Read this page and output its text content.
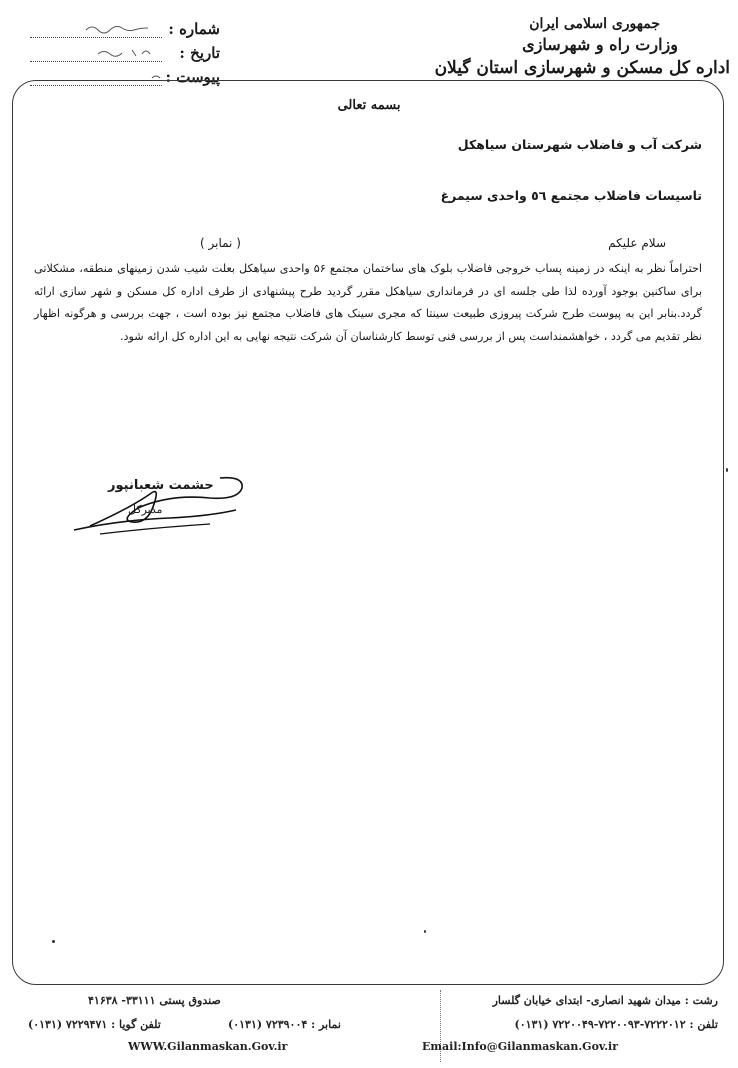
جمهوری اسلامی ایران
وزارت راه و شهرسازی
اداره کل مسکن و شهرسازی استان گیلان
شماره :
تاریخ :
پیوست :
بسمه تعالی
شرکت آب و فاضلاب شهرستان سیاهکل
تاسیسات فاضلاب مجتمع ٥٦ واحدی سیمرغ
سلام علیکم
( نمابر )
احتراماً نظر به اینکه در زمینه پساب خروجی فاضلاب بلوک های ساختمان مجتمع ۵۶ واحدی سیاهکل بعلت شیب شدن زمینهای منطقه، مشکلاتی برای ساکنین بوجود آورده لذا طی جلسه ای در فرمانداری سیاهکل مقرر گردید طرح پیشنهادی از طرف اداره کل مسکن و شهر سازی ارائه گردد.بنابر این به پیوست طرح شرکت پیروزی طبیعت سینتا که مجری سینک های فاضلاب مجتمع نیز بوده است ، جهت بررسی و هرگونه اظهار نظر تقدیم می گردد ، خواهشمنداست پس از بررسی فنی توسط کارشناسان آن شرکت نتیجه نهایی به این اداره کل ارائه شود.
حشمت شعبانپور
مدیرکل
رشت : میدان شهید انصاری- ابتدای خیابان گلسار
صندوق پستی ۳۳۱۱۱- ۴۱۶۳۸
تلفن : ۷۲۲۲۰۱۲-۷۲۲۰۰۹۳-۷۲۲۰۰۴۹ (۰۱۳۱)
نمابر : ۷۲۳۹۰۰۴ (۰۱۳۱)
تلفن گویا : ۷۲۲۹۴۷۱ (۰۱۳۱)
WWW.Gilanmaskan.Gov.ir	Email:Info@Gilanmaskan.Gov.ir
